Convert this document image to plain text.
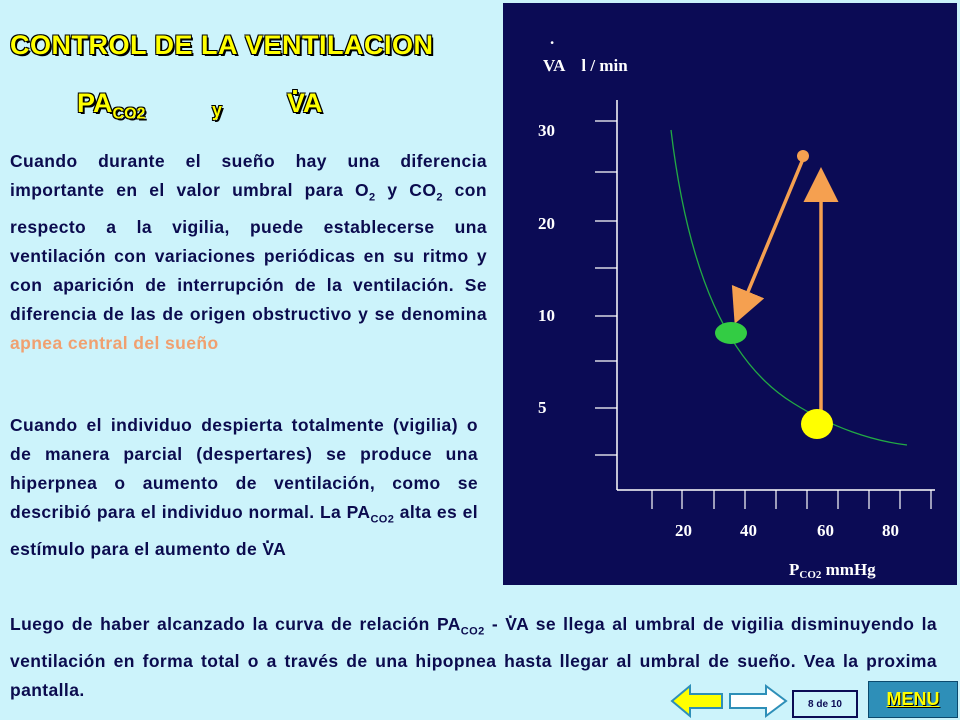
CONTROL DE LA VENTILACION
$PA_{CO2}$	y
. VA
Cuando durante el sueño hay una diferencia importante en el valor umbral para $O_2$ y $CO_2$ con respecto a la vigilia, puede establecerse una ventilación con variaciones periódicas en su ritmo y con aparición de interrupción de la ventilación. Se diferencia de las de origen obstructivo y se denomina apnea central del sueño
Cuando el individuo despierta totalmente (vigilia) o de manera parcial (despertares) se produce una hiperpnea o aumento de ventilación, como se describió para el individuo normal. La $PA_{CO2}$ alta es el estímulo para el aumento de . VA
Luego de haber alcanzado la curva de relación $PA_{CO2}$ - . VA se llega al umbral de vigilia disminuyendo la ventilación en forma total o a través de una hipopnea hasta llegar al umbral de sueño. Vea la proxima pantalla.
.
VA    l / min
30
20
10
5
20	40	60	80
PCO2 mmHg
8 de 10	MENU
